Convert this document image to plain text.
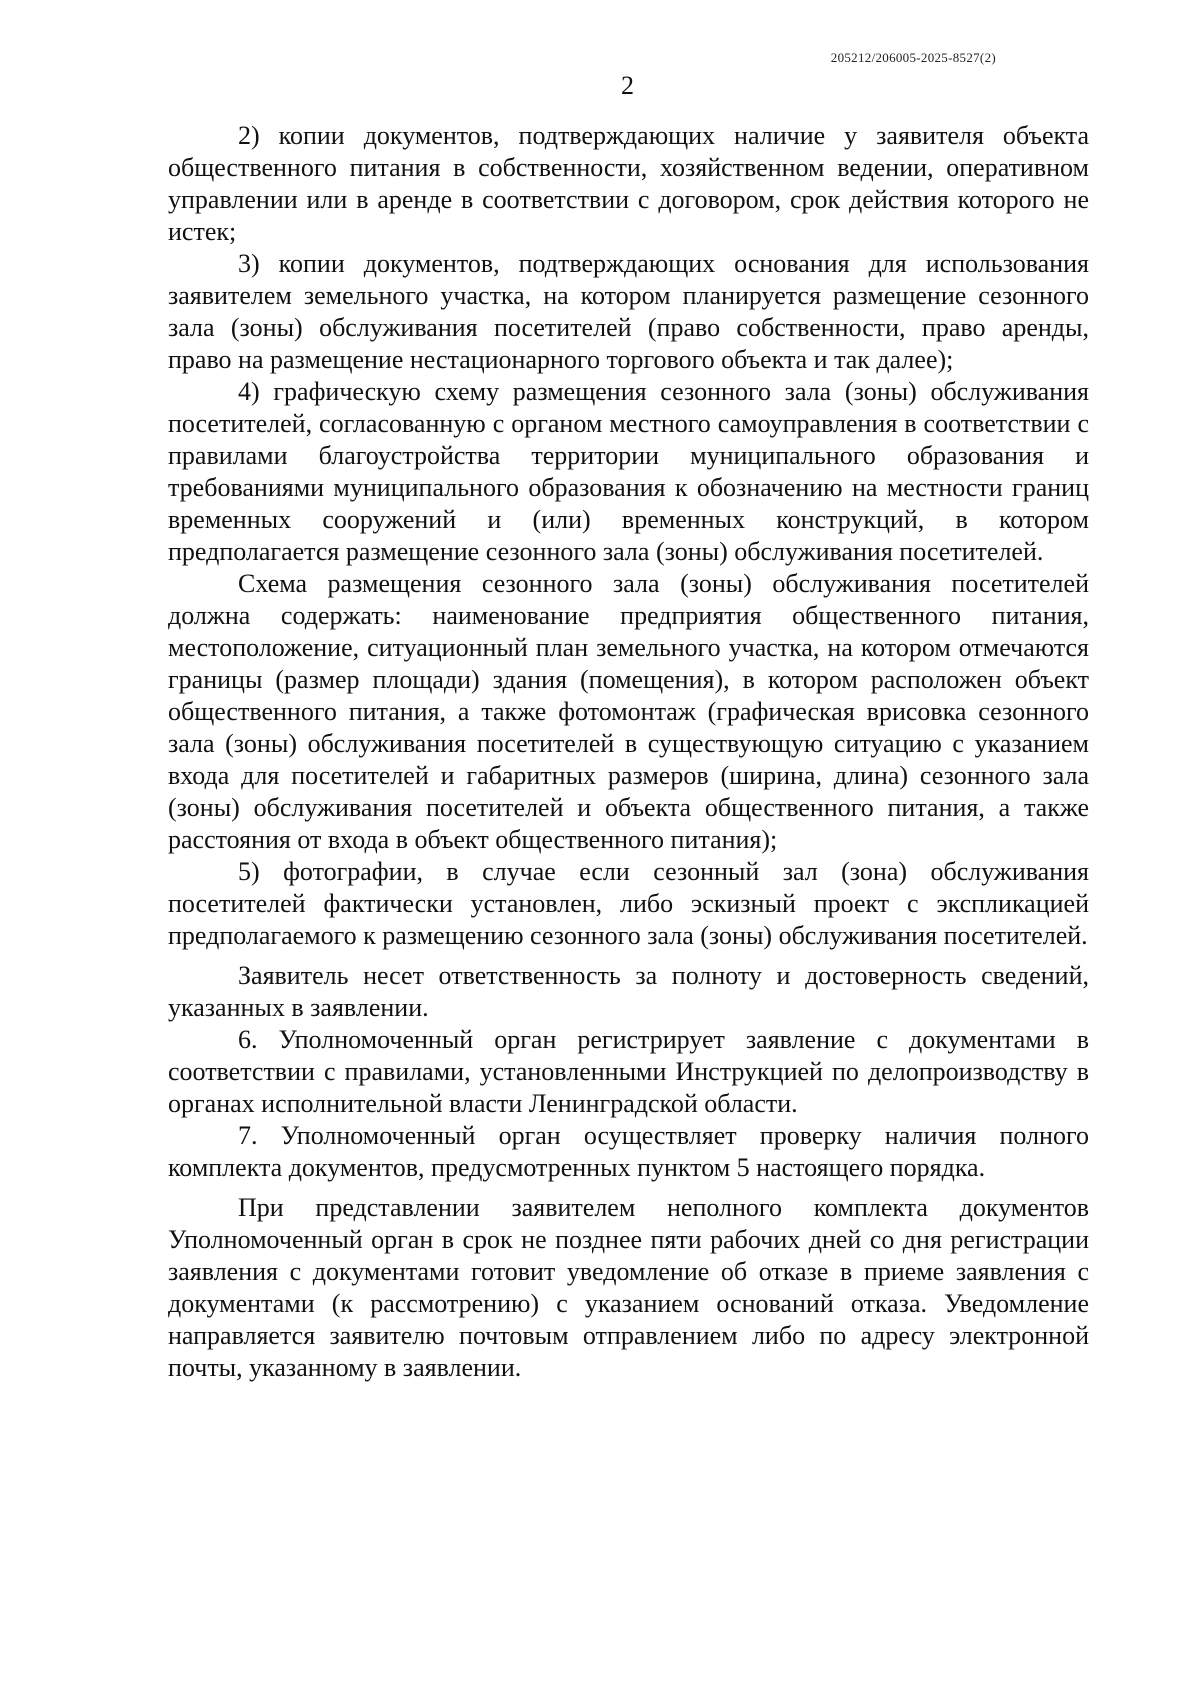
205212/206005-2025-8527(2)
2

2) копии документов, подтверждающих наличие у заявителя объекта общественного питания в собственности, хозяйственном ведении, оперативном управлении или в аренде в соответствии с договором, срок действия которого не истек;

3) копии документов, подтверждающих основания для использования заявителем земельного участка, на котором планируется размещение сезонного зала (зоны) обслуживания посетителей (право собственности, право аренды, право на размещение нестационарного торгового объекта и так далее);

4) графическую схему размещения сезонного зала (зоны) обслуживания посетителей, согласованную с органом местного самоуправления в соответствии с правилами благоустройства территории муниципального образования и требованиями муниципального образования к обозначению на местности границ временных сооружений и (или) временных конструкций, в котором предполагается размещение сезонного зала (зоны) обслуживания посетителей.

Схема размещения сезонного зала (зоны) обслуживания посетителей должна содержать: наименование предприятия общественного питания, местоположение, ситуационный план земельного участка, на котором отмечаются границы (размер площади) здания (помещения), в котором расположен объект общественного питания, а также фотомонтаж (графическая врисовка сезонного зала (зоны) обслуживания посетителей в существующую ситуацию с указанием входа для посетителей и габаритных размеров (ширина, длина) сезонного зала (зоны) обслуживания посетителей и объекта общественного питания, а также расстояния от входа в объект общественного питания);

5) фотографии, в случае если сезонный зал (зона) обслуживания посетителей фактически установлен, либо эскизный проект с экспликацией предполагаемого к размещению сезонного зала (зоны) обслуживания посетителей.

Заявитель несет ответственность за полноту и достоверность сведений, указанных в заявлении.

6. Уполномоченный орган регистрирует заявление с документами в соответствии с правилами, установленными Инструкцией по делопроизводству в органах исполнительной власти Ленинградской области.

7. Уполномоченный орган осуществляет проверку наличия полного комплекта документов, предусмотренных пунктом 5 настоящего порядка.

При представлении заявителем неполного комплекта документов Уполномоченный орган в срок не позднее пяти рабочих дней со дня регистрации заявления с документами готовит уведомление об отказе в приеме заявления с документами (к рассмотрению) с указанием оснований отказа. Уведомление направляется заявителю почтовым отправлением либо по адресу электронной почты, указанному в заявлении.
